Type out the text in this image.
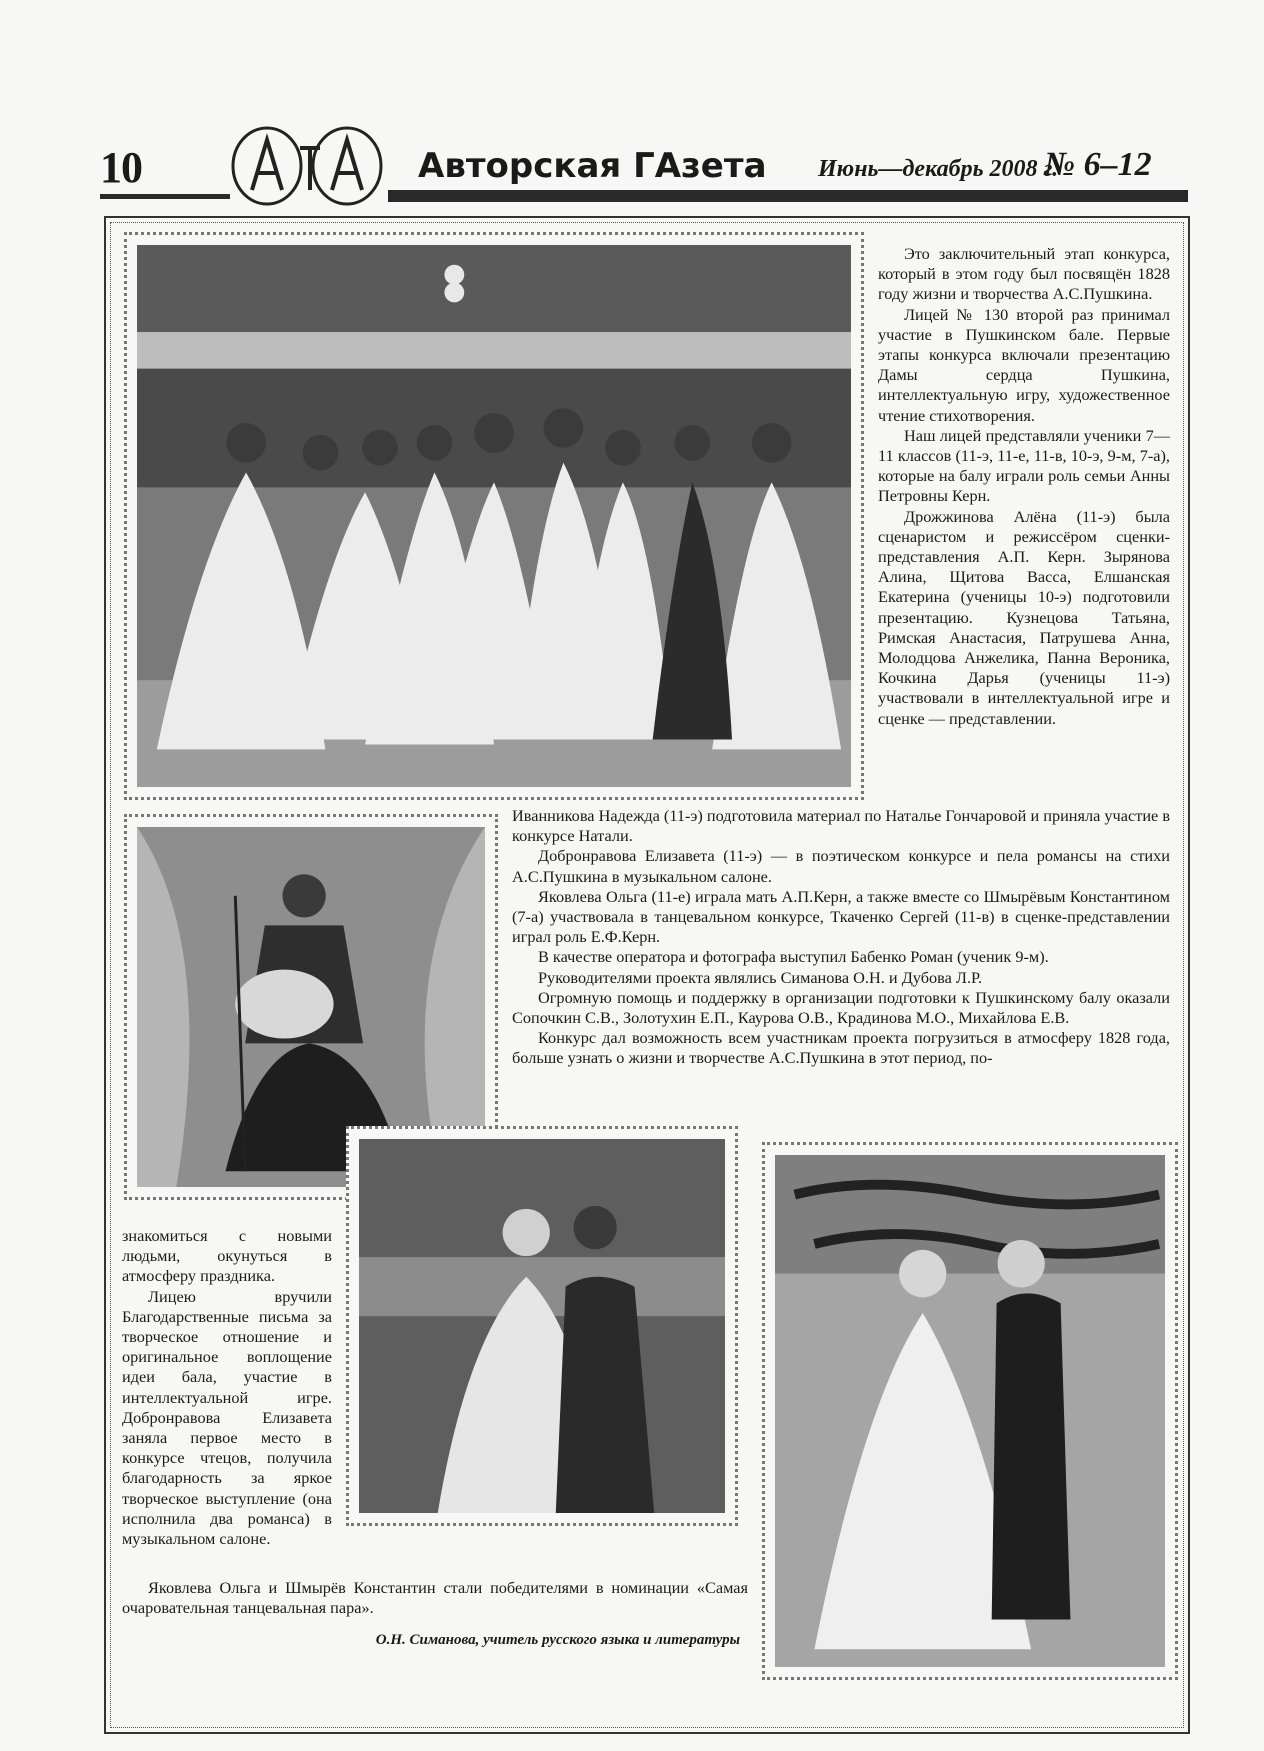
10	Авторская ГАзета Июнь—декабрь 2008 г.
№ 6–12

Это заключительный этап конкурса, который в этом году был посвящён 1828 году жизни и творчества А.С.Пушкина.

Лицей № 130 второй раз принимал участие в Пушкинском бале. Первые этапы конкурса включали презентацию Дамы сердца Пушкина, интеллектуальную игру, художественное чтение стихотворения.

Наш лицей представляли ученики 7—11 классов (11-э, 11-е, 11-в, 10-э, 9-м, 7-а), которые на балу играли роль семьи Анны Петровны Керн.

Дрожжинова Алёна (11-э) была сценаристом и режиссёром сценки-представления А.П. Керн. Зырянова Алина, Щитова Васса, Елшанская Екатерина (ученицы 10-э) подготовили презентацию. Кузнецова Татьяна, Римская Анастасия, Патрушева Анна, Молодцова Анжелика, Панна Вероника, Кочкина Дарья (ученицы 11-э) участвовали в интеллектуальной игре и сценке — представлении.

Иванникова Надежда (11-э) подготовила материал по Наталье Гончаровой и приняла участие в конкурсе Натали.

Добронравова Елизавета (11-э) — в поэтическом конкурсе и пела романсы на стихи А.С.Пушкина в музыкальном салоне.

Яковлева Ольга (11-е) играла мать А.П.Керн, а также вместе со Шмырёвым Константином (7-а) участвовала в танцевальном конкурсе, Ткаченко Сергей (11-в) в сценке-представлении играл роль Е.Ф.Керн.

В качестве оператора и фотографа выступил Бабенко Роман (ученик 9-м).

Руководителями проекта являлись Симанова О.Н. и Дубова Л.Р.

Огромную помощь и поддержку в организации подготовки к Пушкинскому балу оказали Сопочкин С.В., Золотухин Е.П., Каурова О.В., Крадинова М.О., Михайлова Е.В.

Конкурс дал возможность всем участникам проекта погрузиться в атмосферу 1828 года, больше узнать о жизни и творчестве А.С.Пушкина в этот период, по-

знакомиться с новыми людьми, окунуться в атмосферу праздника.

Лицею вручили Благодарственные письма за творческое отношение и оригинальное воплощение идеи бала, участие в интеллектуальной игре. Добронравова Елизавета заняла первое место в конкурсе чтецов, получила благодарность за яркое творческое выступление (она исполнила два романса) в музыкальном салоне.

Яковлева Ольга и Шмырёв Константин стали победителями в номинации «Самая очаровательная танцевальная пара».

О.Н. Симанова, учитель русского языка и литературы
